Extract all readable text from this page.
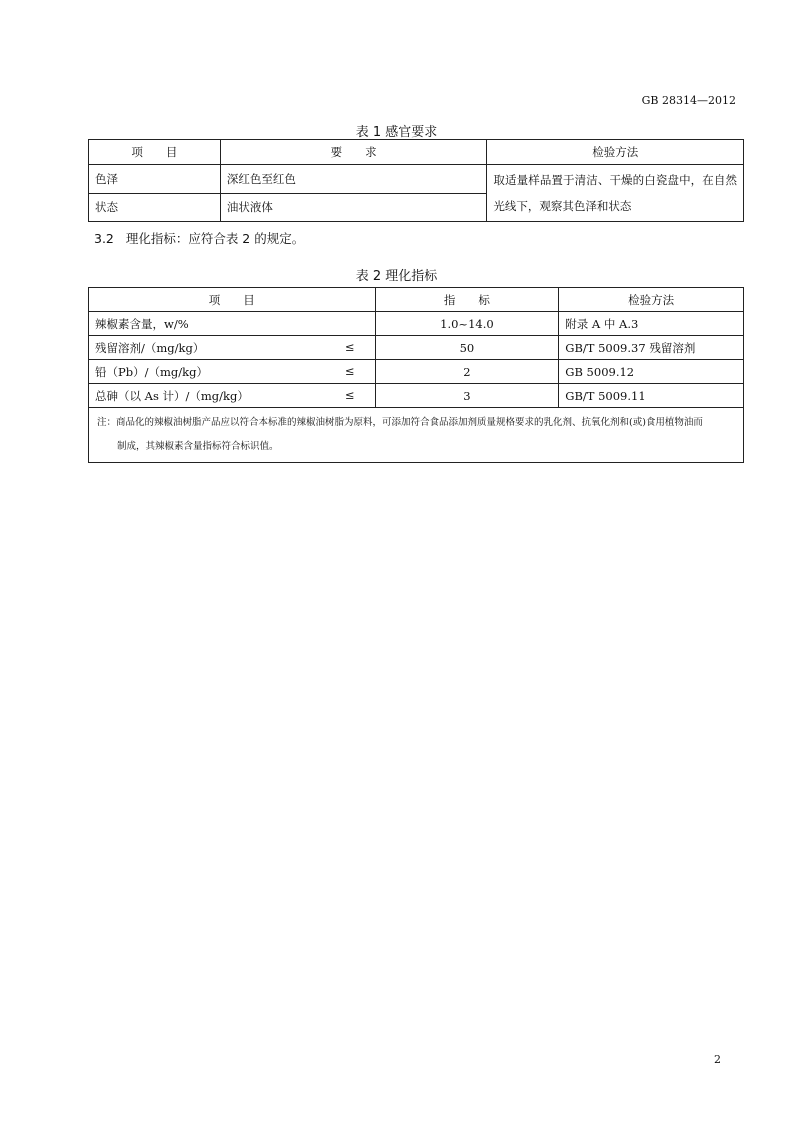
GB 28314—2012
表 1 感官要求
项　　目	要　　求	检验方法
色泽	深红色至红色	取适量样品置于清洁、干燥的白瓷盘中，在自然光线下，观察其色泽和状态
状态	油状液体	
3.2 理化指标：应符合表 2 的规定。
表 2 理化指标
项　　目	指　　标	检验方法

辣椒素含量，w/%	1.0~14.0	附录 A 中 A.3

残留溶剂/（mg/kg） ≤	50	GB/T 5009.37 残留溶剂

铅（Pb）/（mg/kg） ≤	2	GB 5009.12

总砷（以 As 计）/（mg/kg） ≤	3	GB/T 5009.11

注：商品化的辣椒油树脂产品应以符合本标准的辣椒油树脂为原料，可添加符合食品添加剂质量规格要求的乳化剂、抗氧化剂和(或)食用植物油而
制成，其辣椒素含量指标符合标识值。		
2
